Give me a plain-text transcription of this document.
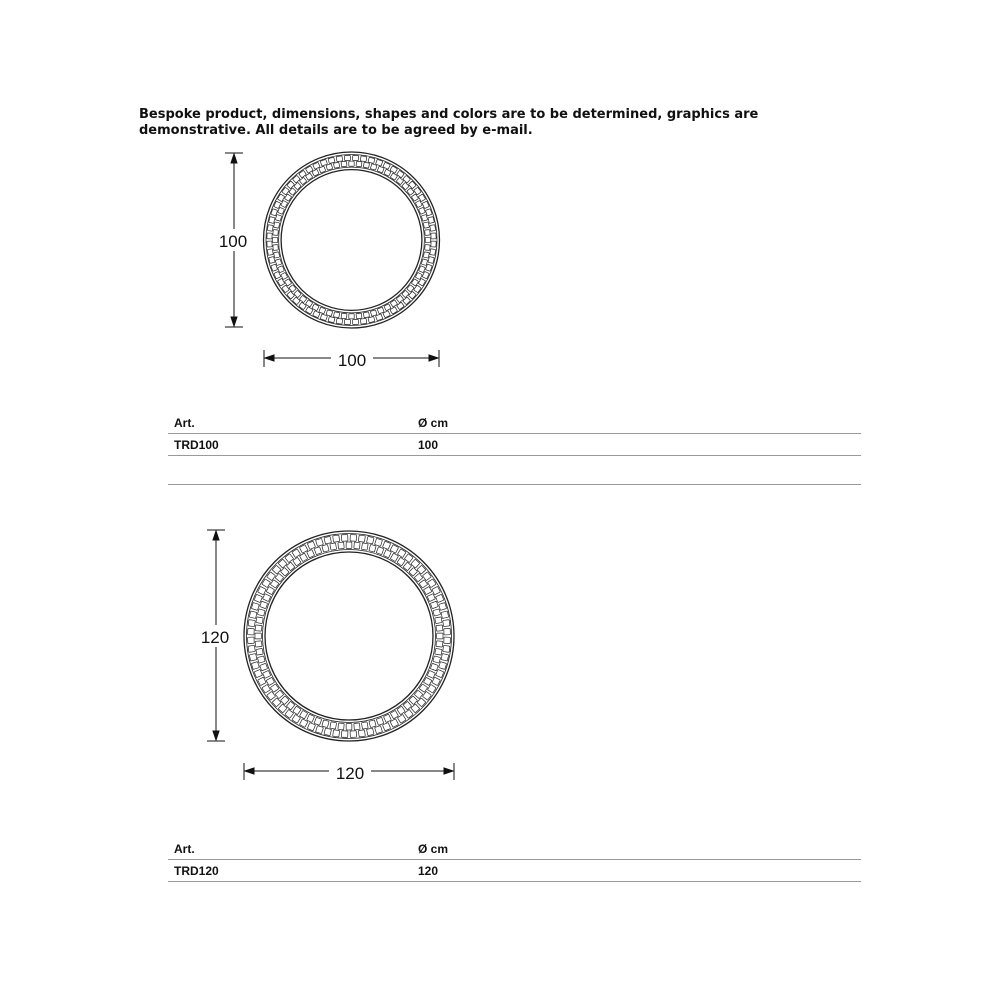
Bespoke product, dimensions, shapes and colors are to be determined, graphics are
demonstrative. All details are to be agreed by e-mail.
100
100
Art.	Ø cm
TRD100	100
120
120
Art.	Ø cm
TRD120	120
